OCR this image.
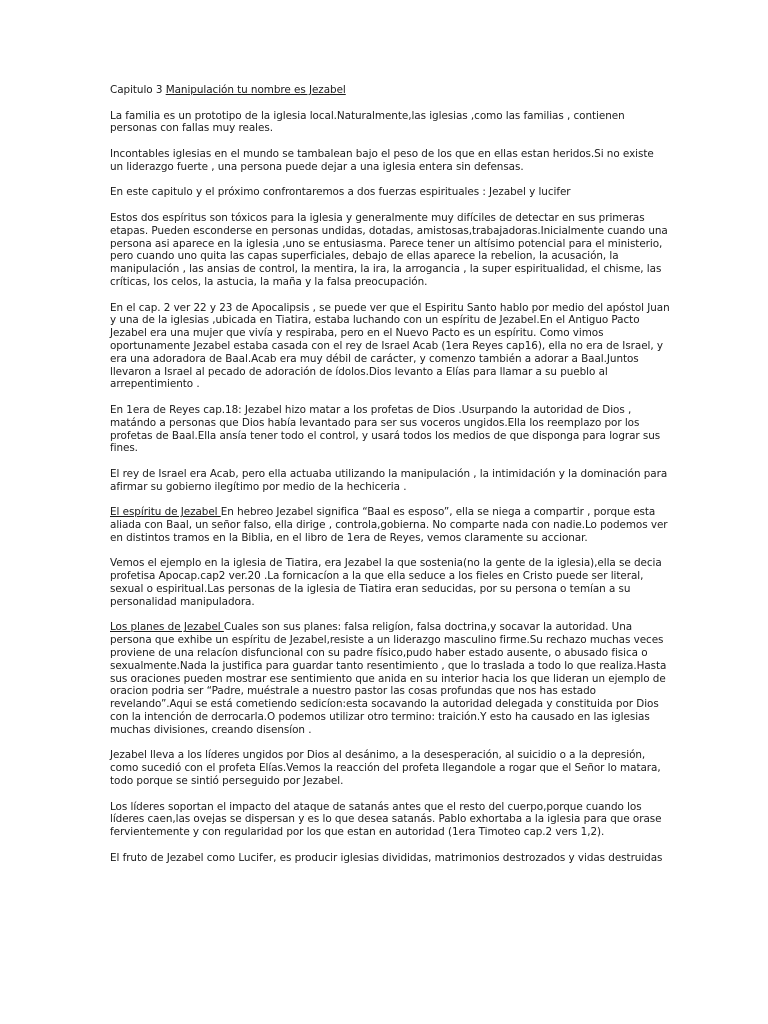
Capitulo 3 Manipulación tu nombre es Jezabel

La familia es un prototipo de la iglesia local.Naturalmente,las iglesias ,como las familias , contienen personas con fallas muy reales.

Incontables iglesias en el mundo se tambalean bajo el peso de los que en ellas estan heridos.Si no existe un liderazgo fuerte , una persona puede dejar a una iglesia entera sin defensas.

En este capitulo y el próximo confrontaremos a dos fuerzas espirituales : Jezabel y lucifer

Estos dos espíritus son tóxicos para la iglesia y generalmente muy difíciles de detectar en sus primeras etapas. Pueden esconderse en personas undidas, dotadas, amistosas,trabajadoras.Inicialmente cuando una persona asi aparece en la iglesia ,uno se entusiasma. Parece tener un altísimo potencial para el ministerio, pero cuando uno quita las capas superficiales, debajo de ellas aparece la rebelion, la acusación, la manipulación , las ansias de control, la mentira, la ira, la arrogancia , la super espiritualidad, el chisme, las críticas, los celos, la astucia, la maña y la falsa preocupación.

En el cap. 2 ver 22 y 23 de Apocalipsis , se puede ver que el Espiritu Santo hablo por medio del apóstol Juan y una de la iglesias ,ubicada en Tiatira, estaba luchando con un espíritu de Jezabel.En el Antiguo Pacto Jezabel era una mujer que vivía y respiraba, pero en el Nuevo Pacto es un espíritu. Como vimos oportunamente Jezabel estaba casada con el rey de Israel Acab (1era Reyes cap16), ella no era de Israel, y era una adoradora de Baal.Acab era muy débil de carácter, y comenzo también a adorar a Baal.Juntos llevaron a Israel al pecado de adoración de ídolos.Dios levanto a Elías para llamar a su pueblo al arrepentimiento .

En 1era de Reyes cap.18: Jezabel hizo matar a los profetas de Dios .Usurpando la autoridad de Dios , matándo a personas que Dios había levantado para ser sus voceros ungidos.Ella los reemplazo por los profetas de Baal.Ella ansía tener todo el control, y usará todos los medios de que disponga para lograr sus fines.

El rey de Israel era Acab, pero ella actuaba utilizando la manipulación , la intimidación y la dominación para afirmar su gobierno ilegítimo por medio de la hechiceria .

El espíritu de Jezabel En hebreo Jezabel significa “Baal es esposo”, ella se niega a compartir , porque esta aliada con Baal, un señor falso, ella dirige , controla,gobierna. No comparte nada con nadie.Lo podemos ver en distintos tramos en la Biblia, en el libro de 1era de Reyes, vemos claramente su accionar.

Vemos el ejemplo en la iglesia de Tiatira, era Jezabel la que sostenia(no la gente de la iglesia),ella se decia profetisa Apocap.cap2 ver.20 .La fornicacíon a la que ella seduce a los fieles en Cristo puede ser literal, sexual o espiritual.Las personas de la iglesia de Tiatira eran seducidas, por su persona o temían a su personalidad manipuladora.

Los planes de Jezabel Cuales son sus planes: falsa religíon, falsa doctrina,y socavar la autoridad. Una persona que exhibe un espíritu de Jezabel,resiste a un liderazgo masculino firme.Su rechazo muchas veces proviene de una relacíon disfuncional con su padre físico,pudo haber estado ausente, o abusado fisica o sexualmente.Nada la justifica para guardar tanto resentimiento , que lo traslada a todo lo que realiza.Hasta sus oraciones pueden mostrar ese sentimiento que anida en su interior hacia los que lideran un ejemplo de oracion podria ser “Padre, muéstrale a nuestro pastor las cosas profundas que nos has estado revelando”.Aqui se está cometiendo sedicíon:esta socavando la autoridad delegada y constituida por Dios con la intención de derrocarla.O podemos utilizar otro termino: traición.Y esto ha causado en las iglesias muchas divisiones, creando disensíon .

Jezabel lleva a los líderes ungidos por Dios al desánimo, a la desesperación, al suicidio o a la depresión, como sucedió con el profeta Elías.Vemos la reacción del profeta llegandole a rogar que el Señor lo matara, todo porque se sintió perseguido por Jezabel.

Los líderes soportan el impacto del ataque de satanás antes que el resto del cuerpo,porque cuando los líderes caen,las ovejas se dispersan y es lo que desea satanás. Pablo exhortaba a la iglesia para que orase fervientemente y con regularidad por los que estan en autoridad (1era Timoteo cap.2 vers 1,2).

El fruto de Jezabel como Lucifer, es producir iglesias divididas, matrimonios destrozados y vidas destruidas
